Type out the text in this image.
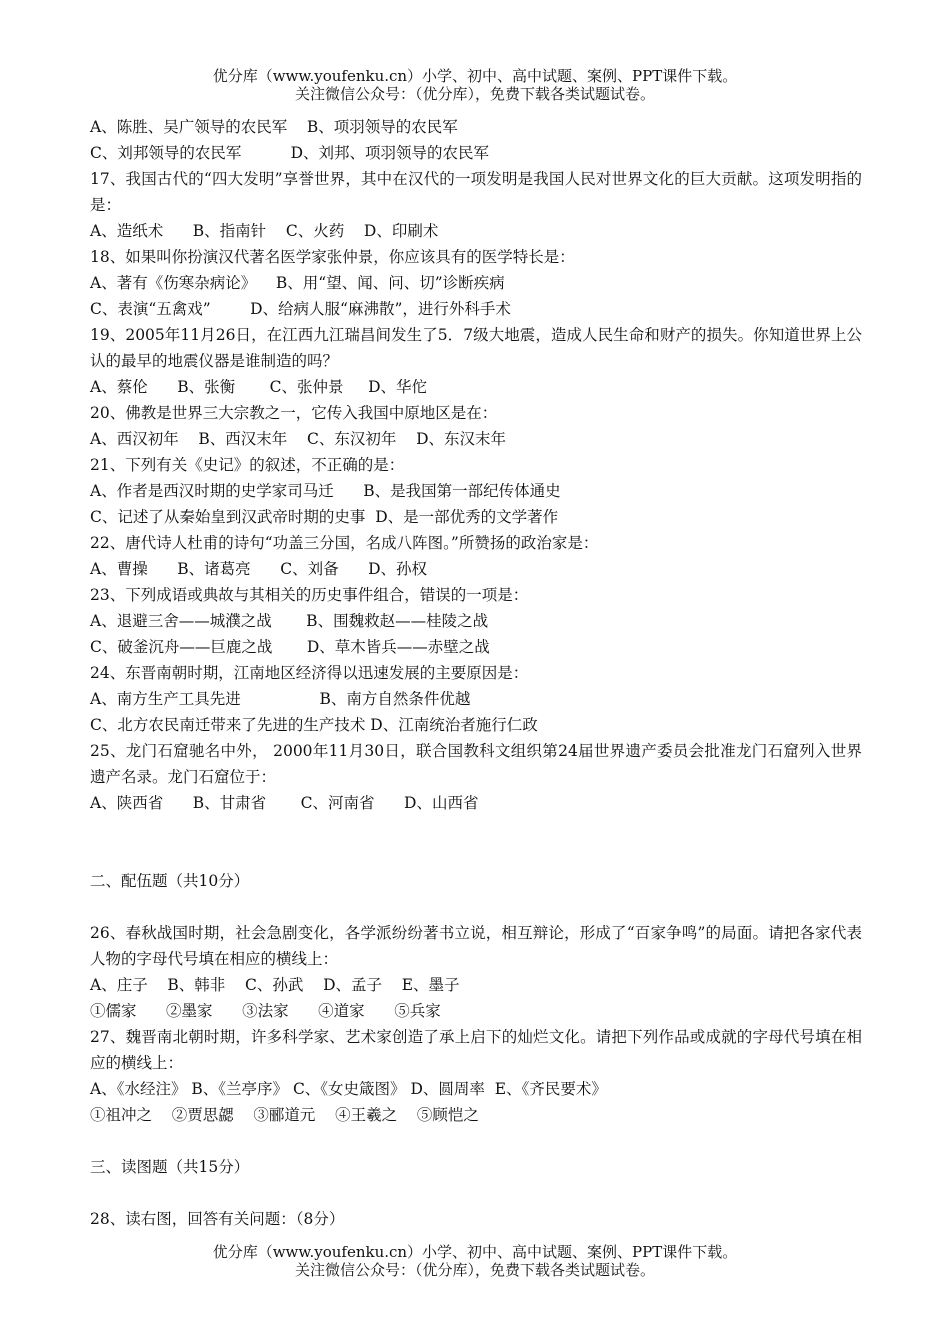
优分库（www.youfenku.cn）小学、初中、高中试题、案例、PPT课件下载。
关注微信公众号：（优分库），免费下载各类试题试卷。
A、陈胜、吴广领导的农民军    B、项羽领导的农民军
C、刘邦领导的农民军          D、刘邦、项羽领导的农民军
17、我国古代的“四大发明”享誉世界，其中在汉代的一项发明是我国人民对世界文化的巨大贡献。这项发明指的是：
A、造纸术      B、指南针    C、火药    D、印刷术
18、如果叫你扮演汉代著名医学家张仲景，你应该具有的医学特长是：
A、著有《伤寒杂病论》    B、用“望、闻、问、切”诊断疾病
C、表演“五禽戏”        D、给病人服“麻沸散”，进行外科手术
19、2005年11月26日，在江西九江瑞昌间发生了5．7级大地震，造成人民生命和财产的损失。你知道世界上公认的最早的地震仪器是谁制造的吗？
A、蔡伦      B、张衡       C、张仲景     D、华佗
20、佛教是世界三大宗教之一，它传入我国中原地区是在：
A、西汉初年    B、西汉末年    C、东汉初年    D、东汉末年
21、下列有关《史记》的叙述，不正确的是：
A、作者是西汉时期的史学家司马迁      B、是我国第一部纪传体通史
C、记述了从秦始皇到汉武帝时期的史事  D、是一部优秀的文学著作
22、唐代诗人杜甫的诗句“功盖三分国，名成八阵图。”所赞扬的政治家是：
A、曹操      B、诸葛亮      C、刘备      D、孙权
23、下列成语或典故与其相关的历史事件组合，错误的一项是：
A、退避三舍——城濮之战       B、围魏救赵——桂陵之战
C、破釜沉舟——巨鹿之战       D、草木皆兵——赤壁之战
24、东晋南朝时期，江南地区经济得以迅速发展的主要原因是：
A、南方生产工具先进                B、南方自然条件优越
C、北方农民南迁带来了先进的生产技术 D、江南统治者施行仁政
25、龙门石窟驰名中外， 2000年11月30日，联合国教科文组织第24届世界遗产委员会批准龙门石窟列入世界遗产名录。龙门石窟位于：
A、陕西省      B、甘肃省       C、河南省      D、山西省
二、配伍题（共10分）
26、春秋战国时期，社会急剧变化，各学派纷纷著书立说，相互辩论，形成了“百家争鸣”的局面。请把各家代表人物的字母代号填在相应的横线上：
A、庄子    B、韩非    C、孙武    D、孟子    E、墨子
①儒家      ②墨家      ③法家      ④道家      ⑤兵家
27、魏晋南北朝时期，许多科学家、艺术家创造了承上启下的灿烂文化。请把下列作品或成就的字母代号填在相应的横线上：
A、《水经注》 B、《兰亭序》 C、《女史箴图》 D、圆周率  E、《齐民要术》
①祖冲之    ②贾思勰    ③郦道元    ④王羲之    ⑤顾恺之
三、读图题（共15分）
28、读右图，回答有关问题：（8分）
优分库（www.youfenku.cn）小学、初中、高中试题、案例、PPT课件下载。
关注微信公众号：（优分库），免费下载各类试题试卷。
